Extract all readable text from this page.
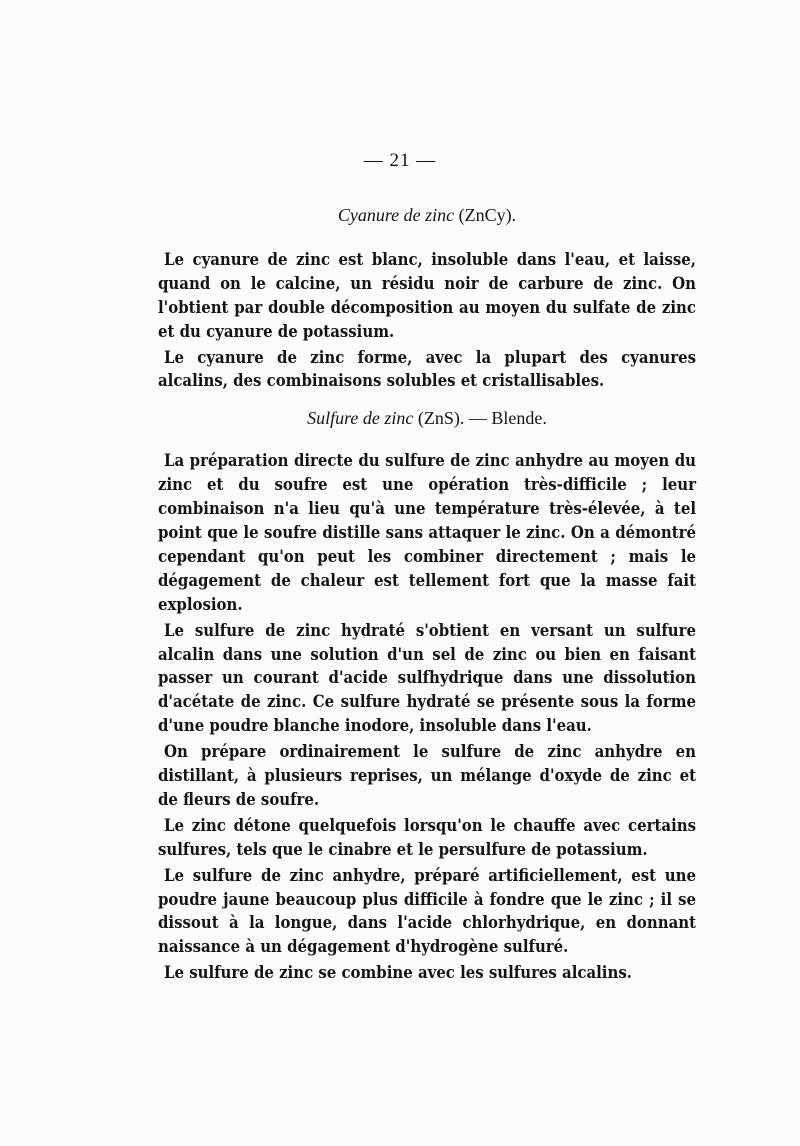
— 21 —
Cyanure de zinc (ZnCy).

Le cyanure de zinc est blanc, insoluble dans l'eau, et laisse, quand on le calcine, un résidu noir de carbure de zinc. On l'obtient par double décomposition au moyen du sulfate de zinc et du cyanure de potassium.

Le cyanure de zinc forme, avec la plupart des cyanures alcalins, des combinaisons solubles et cristallisables.

Sulfure de zinc (ZnS). — Blende.

La préparation directe du sulfure de zinc anhydre au moyen du zinc et du soufre est une opération très-difficile ; leur combinaison n'a lieu qu'à une température très-élevée, à tel point que le soufre distille sans attaquer le zinc. On a démontré cependant qu'on peut les combiner directement ; mais le dégagement de chaleur est tellement fort que la masse fait explosion.

Le sulfure de zinc hydraté s'obtient en versant un sulfure alcalin dans une solution d'un sel de zinc ou bien en faisant passer un courant d'acide sulfhydrique dans une dissolution d'acétate de zinc. Ce sulfure hydraté se présente sous la forme d'une poudre blanche inodore, insoluble dans l'eau.

On prépare ordinairement le sulfure de zinc anhydre en distillant, à plusieurs reprises, un mélange d'oxyde de zinc et de fleurs de soufre.

Le zinc détone quelquefois lorsqu'on le chauffe avec certains sulfures, tels que le cinabre et le persulfure de potassium.

Le sulfure de zinc anhydre, préparé artificiellement, est une poudre jaune beaucoup plus difficile à fondre que le zinc ; il se dissout à la longue, dans l'acide chlorhydrique, en donnant naissance à un dégagement d'hydrogène sulfuré.

Le sulfure de zinc se combine avec les sulfures alcalins.
